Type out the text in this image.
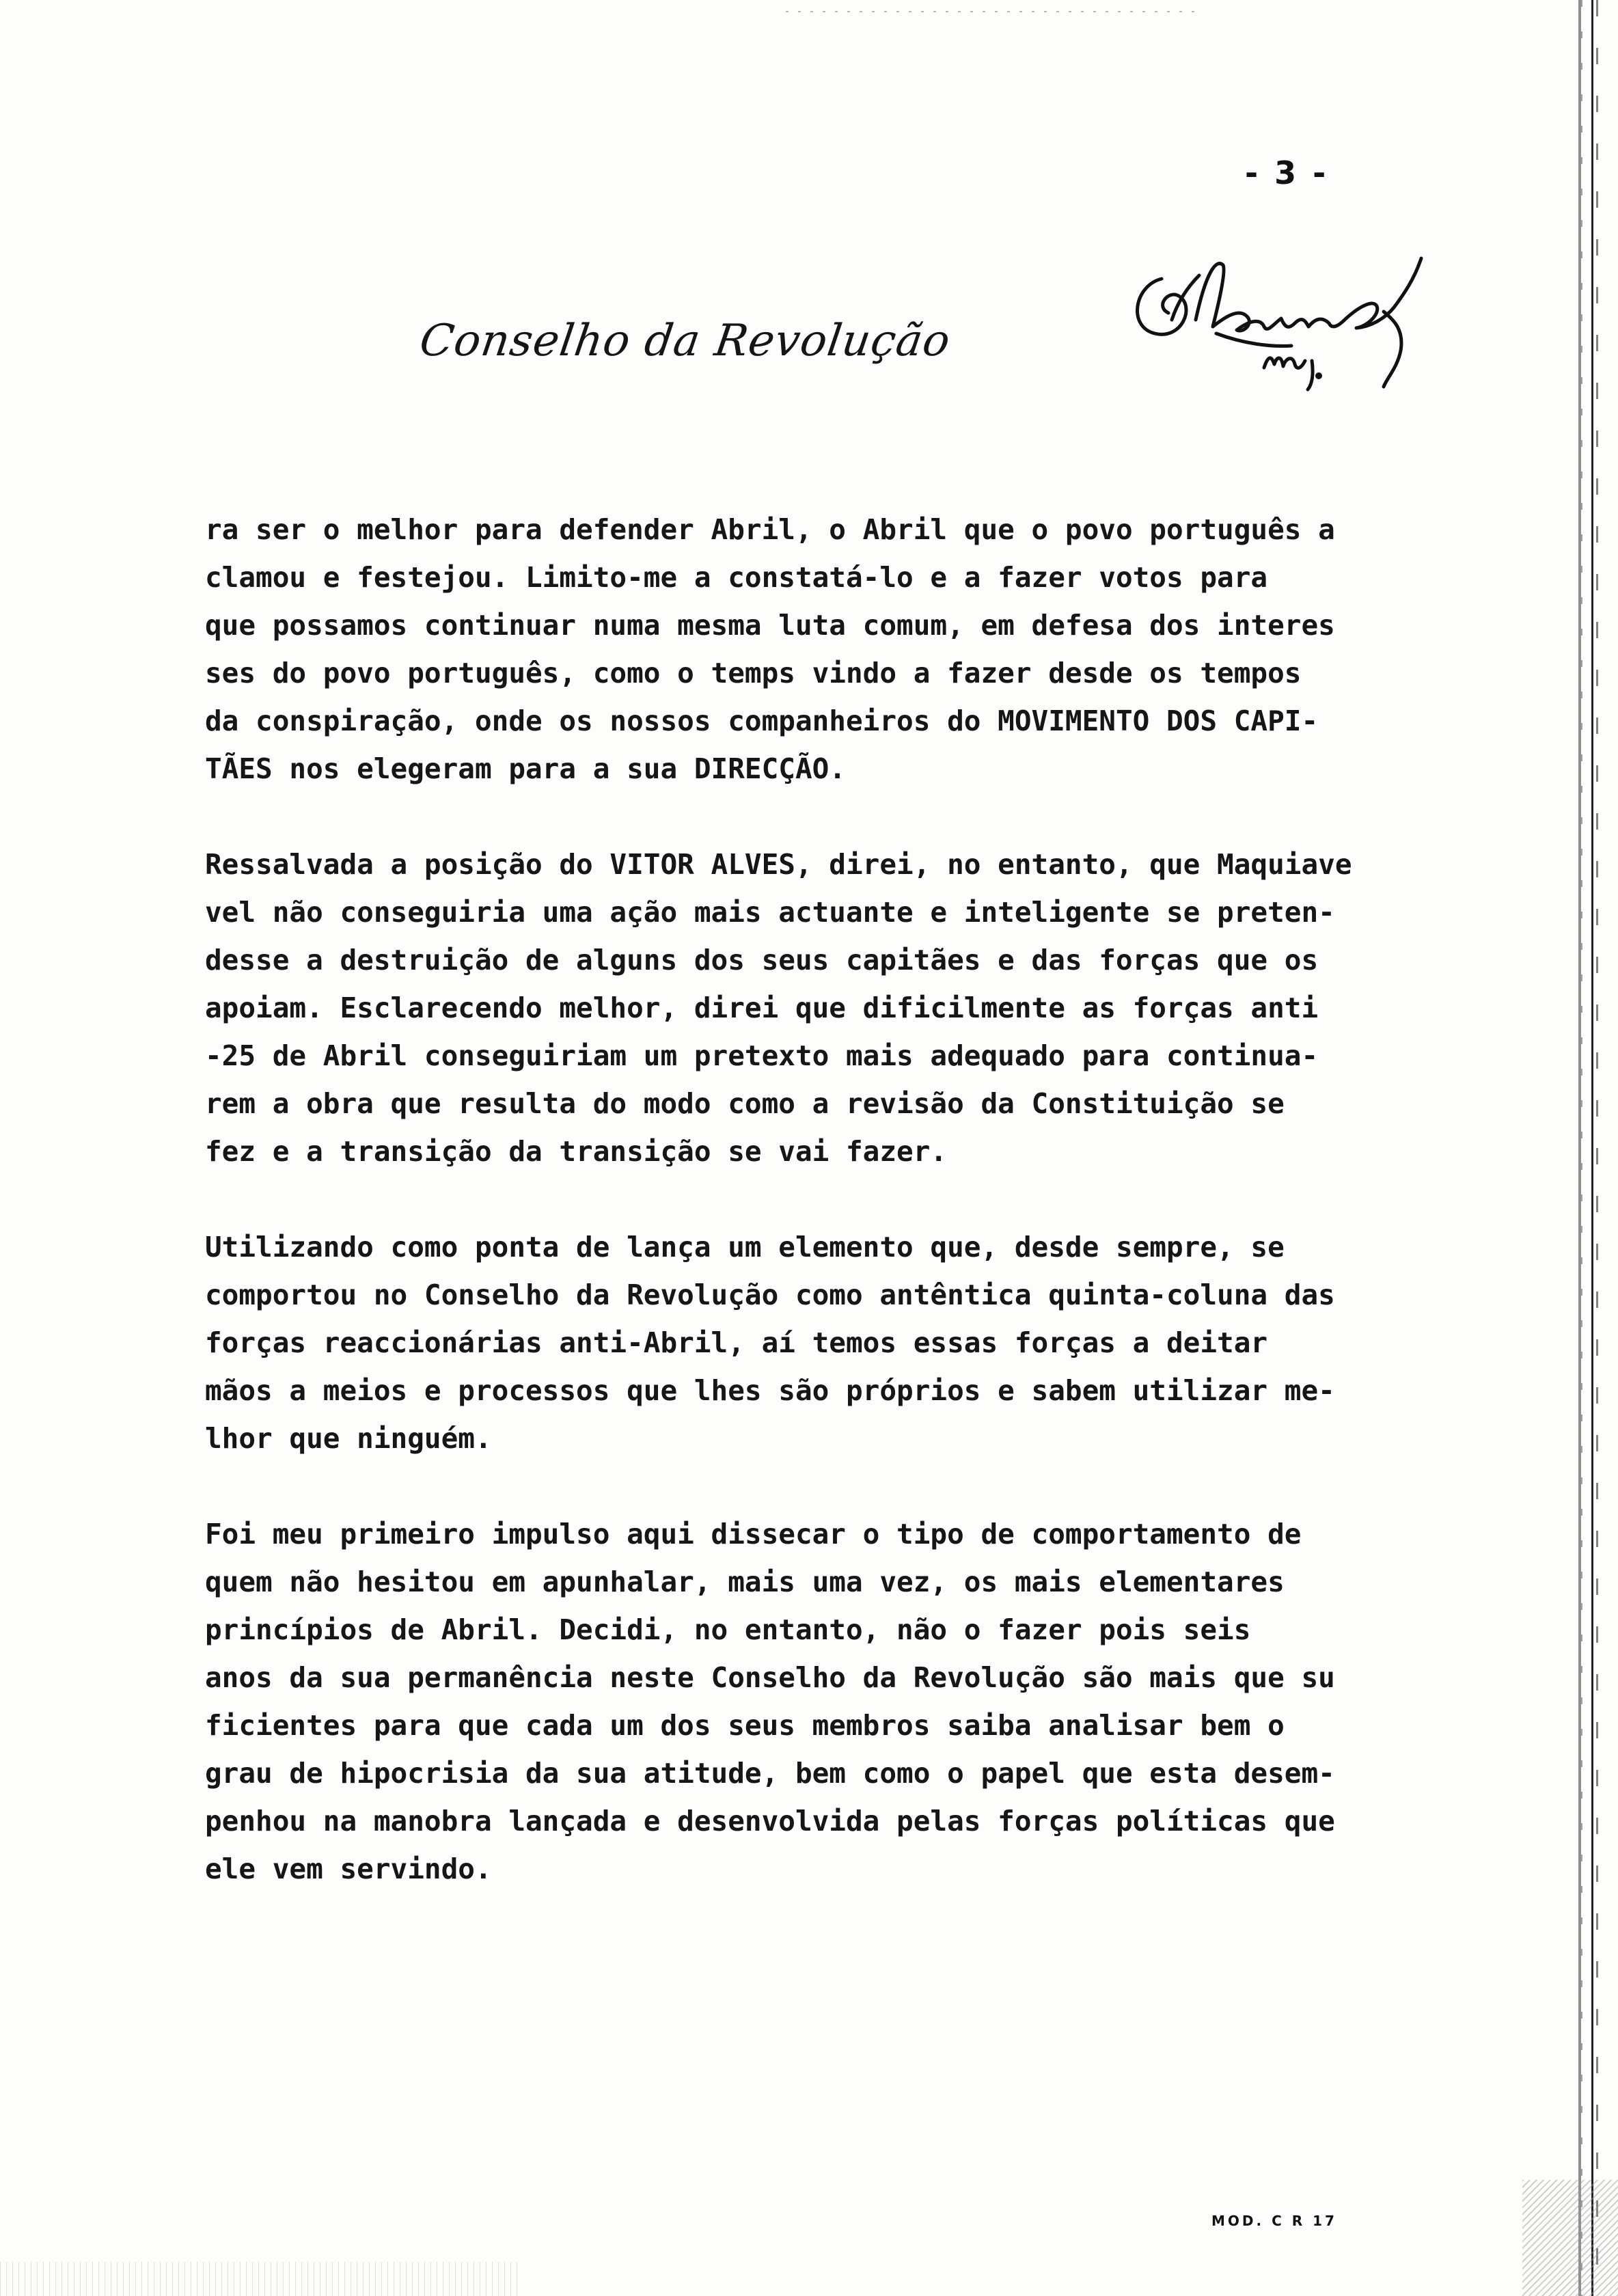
- 3 -
Conselho da Revolução

ra ser o melhor para defender Abril, o Abril que o povo português a
clamou e festejou. Limito-me a constatá-lo e a fazer votos para
que possamos continuar numa mesma luta comum, em defesa dos interes
ses do povo português, como o temps vindo a fazer desde os tempos
da conspiração, onde os nossos companheiros do MOVIMENTO DOS CAPI-
TÃES nos elegeram para a sua DIRECÇÃO.

Ressalvada a posição do VITOR ALVES, direi, no entanto, que Maquiave
vel não conseguiria uma ação mais actuante e inteligente se preten-
desse a destruição de alguns dos seus capitães e das forças que os
apoiam. Esclarecendo melhor, direi que dificilmente as forças anti
-25 de Abril conseguiriam um pretexto mais adequado para continua-
rem a obra que resulta do modo como a revisão da Constituição se
fez e a transição da transição se vai fazer.

Utilizando como ponta de lança um elemento que, desde sempre, se
comportou no Conselho da Revolução como antêntica quinta-coluna das
forças reaccionárias anti-Abril, aí temos essas forças a deitar
mãos a meios e processos que lhes são próprios e sabem utilizar me-
lhor que ninguém.

Foi meu primeiro impulso aqui dissecar o tipo de comportamento de
quem não hesitou em apunhalar, mais uma vez, os mais elementares
princípios de Abril. Decidi, no entanto, não o fazer pois seis
anos da sua permanência neste Conselho da Revolução são mais que su
ficientes para que cada um dos seus membros saiba analisar bem o
grau de hipocrisia da sua atitude, bem como o papel que esta desem-
penhou na manobra lançada e desenvolvida pelas forças políticas que
ele vem servindo.

MOD. C R 17
